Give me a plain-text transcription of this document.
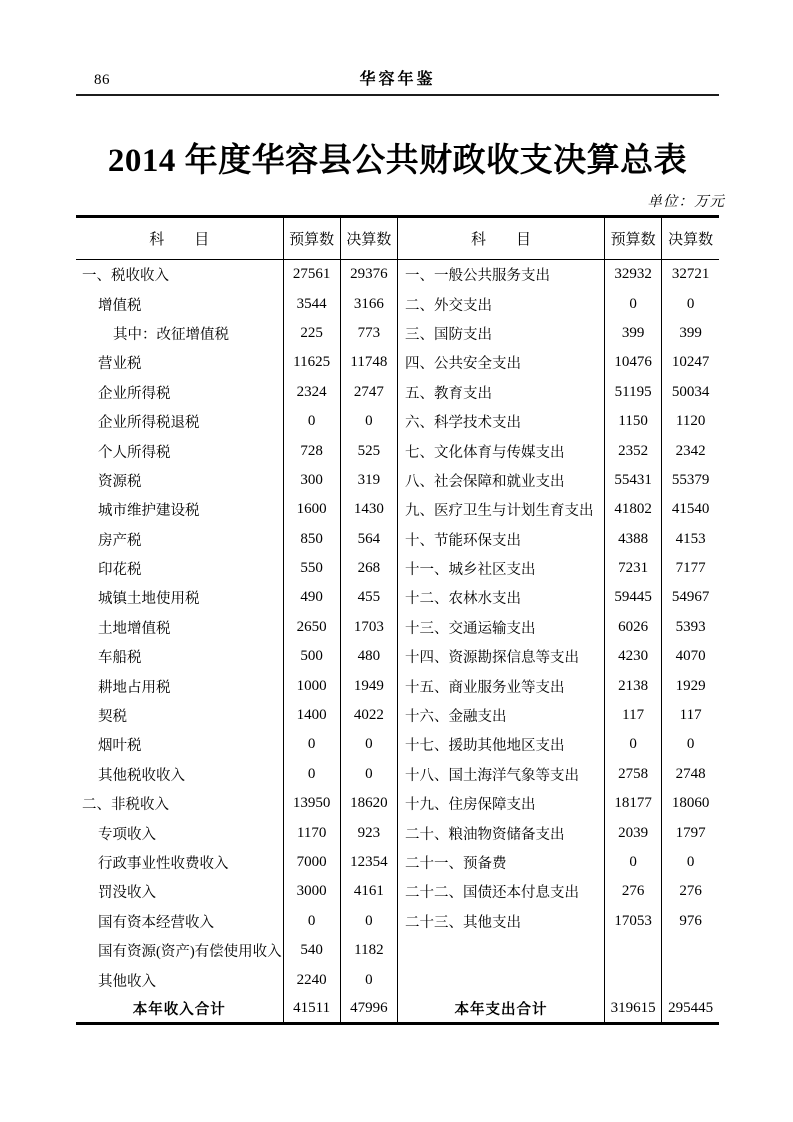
86	华容年鉴
2014 年度华容县公共财政收支决算总表
单位：万元
科　　目	预算数	决算数	科　　目	预算数	决算数
一、税收收入	27561	29376	一、一般公共服务支出	32932	32721
增值税	3544	3166	二、外交支出	0	0
其中：改征增值税	225	773	三、国防支出	399	399
营业税	11625	11748	四、公共安全支出	10476	10247
企业所得税	2324	2747	五、教育支出	51195	50034
企业所得税退税	0	0	六、科学技术支出	1150	1120
个人所得税	728	525	七、文化体育与传媒支出	2352	2342
资源税	300	319	八、社会保障和就业支出	55431	55379
城市维护建设税	1600	1430	九、医疗卫生与计划生育支出	41802	41540
房产税	850	564	十、节能环保支出	4388	4153
印花税	550	268	十一、城乡社区支出	7231	7177
城镇土地使用税	490	455	十二、农林水支出	59445	54967
土地增值税	2650	1703	十三、交通运输支出	6026	5393
车船税	500	480	十四、资源勘探信息等支出	4230	4070
耕地占用税	1000	1949	十五、商业服务业等支出	2138	1929
契税	1400	4022	十六、金融支出	117	117
烟叶税	0	0	十七、援助其他地区支出	0	0
其他税收收入	0	0	十八、国土海洋气象等支出	2758	2748
二、非税收入	13950	18620	十九、住房保障支出	18177	18060
专项收入	1170	923	二十、粮油物资储备支出	2039	1797
行政事业性收费收入	7000	12354	二十一、预备费	0	0
罚没收入	3000	4161	二十二、国债还本付息支出	276	276
国有资本经营收入	0	0	二十三、其他支出	17053	976
国有资源(资产)有偿使用收入	540	1182			
其他收入	2240	0			
本年收入合计	41511	47996	本年支出合计	319615	295445
